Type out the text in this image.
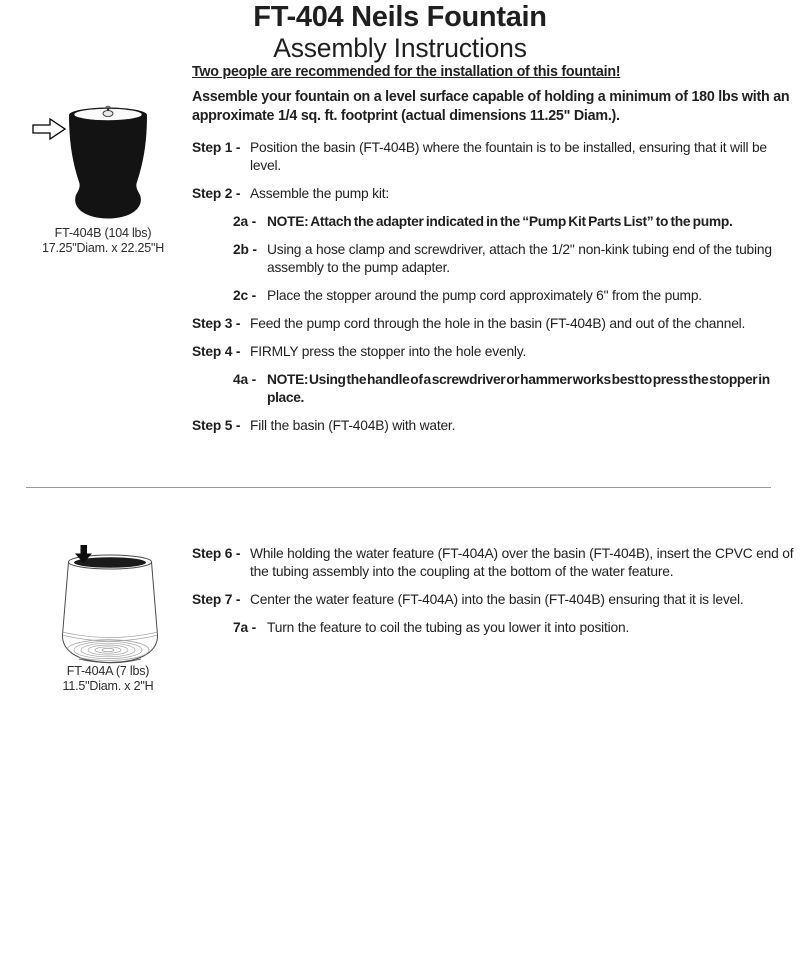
FT-404 Neils Fountain
Assembly Instructions
FT-404B (104 lbs)
17.25"Diam. x 22.25"H
Two people are recommended for the installation of this fountain!
Assemble your fountain on a level surface capable of holding a minimum of 180 lbs with an approximate 1/4 sq. ft. footprint (actual dimensions 11.25" Diam.).
Step 1 - Position the basin (FT-404B) where the fountain is to be installed, ensuring that it will be level.
Step 2 - Assemble the pump kit:
2a - NOTE: Attach the adapter indicated in the “Pump Kit Parts List” to the pump.
2b - Using a hose clamp and screwdriver, attach the 1/2" non-kink tubing end of the tubing assembly to the pump adapter.
2c - Place the stopper around the pump cord approximately 6" from the pump.
Step 3 - Feed the pump cord through the hole in the basin (FT-404B) and out of the channel.
Step 4 - FIRMLY press the stopper into the hole evenly.
4a - NOTE: Using the handle of a screwdriver or hammer works best to press the stopper in place.
Step 5 - Fill the basin (FT-404B) with water.
FT-404A (7 lbs)
11.5"Diam. x 2"H
Step 6 - While holding the water feature (FT-404A) over the basin (FT-404B), insert the CPVC end of the tubing assembly into the coupling at the bottom of the water feature.
Step 7 - Center the water feature (FT-404A) into the basin (FT-404B) ensuring that it is level.
7a - Turn the feature to coil the tubing as you lower it into position.
